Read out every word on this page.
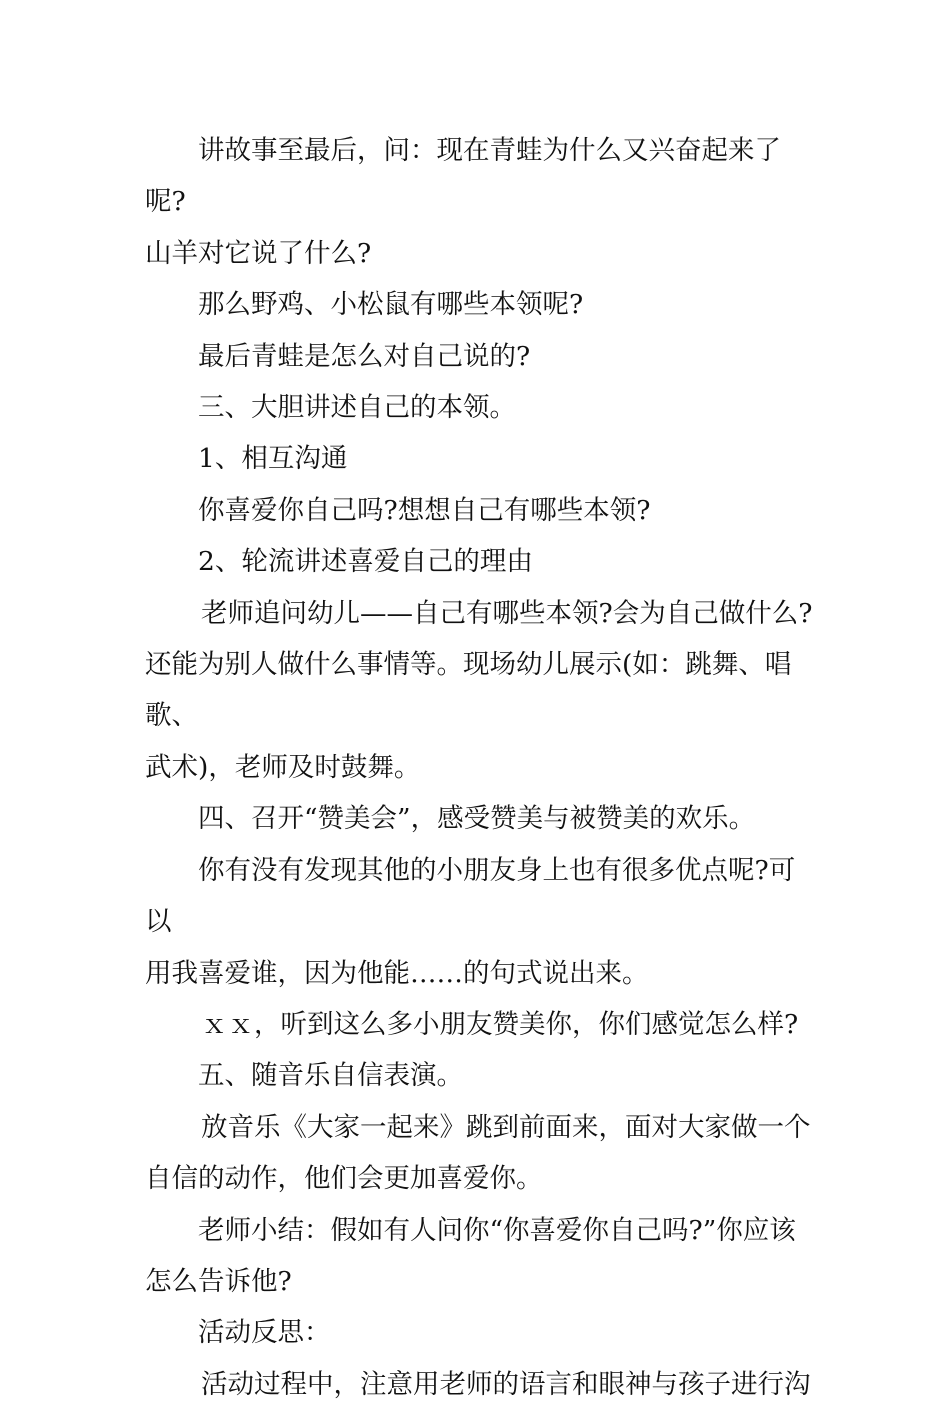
讲故事至最后，问：现在青蛙为什么又兴奋起来了呢?
山羊对它说了什么?

那么野鸡、小松鼠有哪些本领呢?

最后青蛙是怎么对自己说的?

三、大胆讲述自己的本领。

1、相互沟通

你喜爱你自己吗?想想自己有哪些本领?

2、轮流讲述喜爱自己的理由

老师追问幼儿——自己有哪些本领?会为自己做什么?
还能为别人做什么事情等。现场幼儿展示(如：跳舞、唱歌、
武术)，老师及时鼓舞。

四、召开“赞美会”，感受赞美与被赞美的欢乐。

你有没有发现其他的小朋友身上也有很多优点呢?可以
用我喜爱谁，因为他能……的句式说出来。

ｘｘ，听到这么多小朋友赞美你，你们感觉怎么样?

五、随音乐自信表演。

放音乐《大家一起来》跳到前面来，面对大家做一个
自信的动作，他们会更加喜爱你。

老师小结：假如有人问你“你喜爱你自己吗?”你应该
怎么告诉他?

活动反思：

活动过程中，注意用老师的语言和眼神与孩子进行沟
